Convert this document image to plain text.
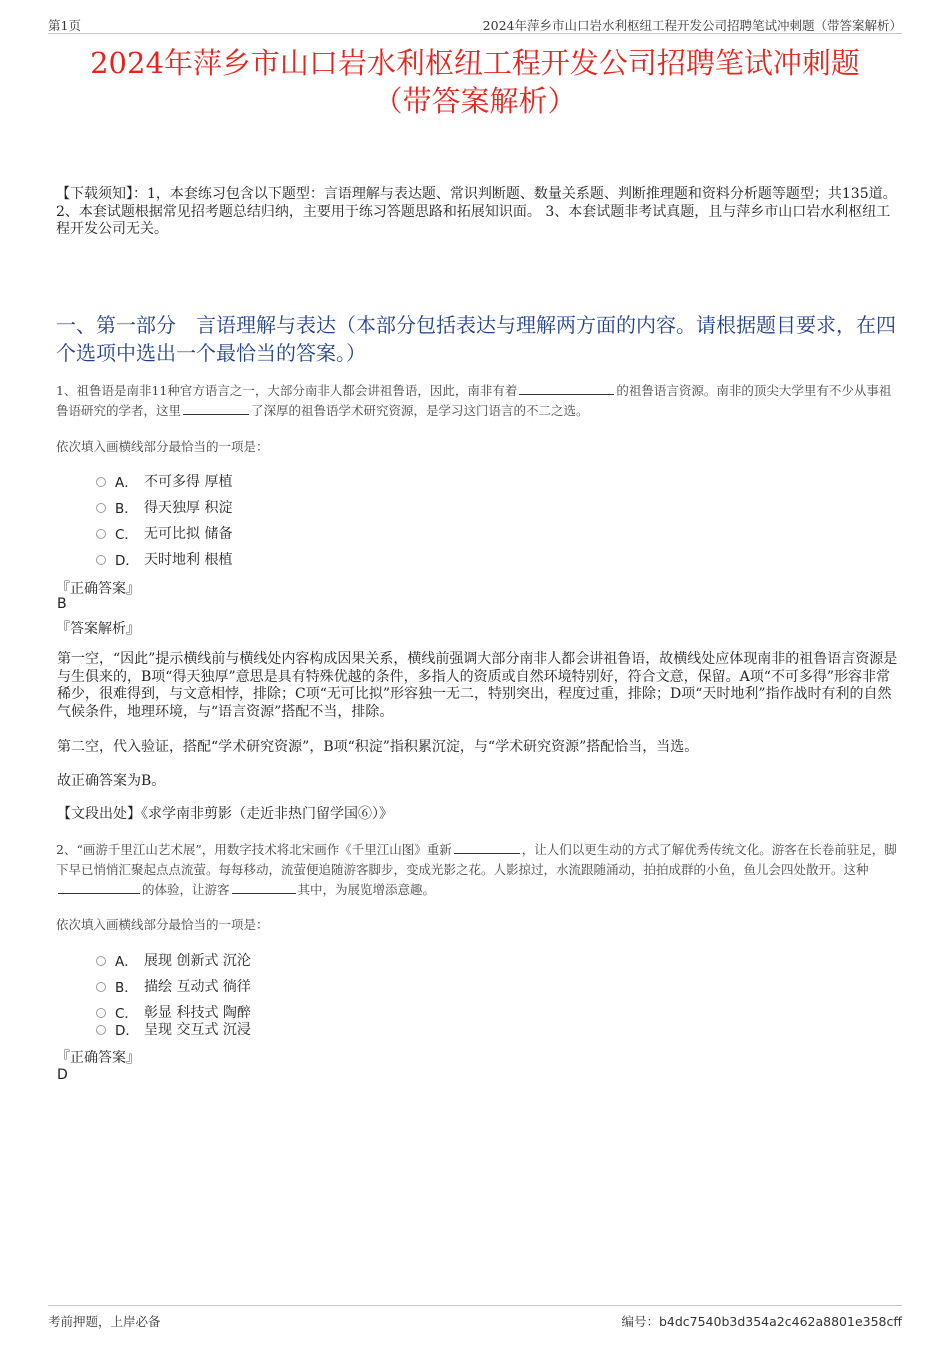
第1页	2024年萍乡市山口岩水利枢纽工程开发公司招聘笔试冲刺题（带答案解析）
2024年萍乡市山口岩水利枢纽工程开发公司招聘笔试冲刺题
（带答案解析）
【下载须知】：1，本套练习包含以下题型：言语理解与表达题、常识判断题、数量关系题、判断推理题和资料分析题等题型；共135道。 2、本套试题根据常见招考题总结归纳，主要用于练习答题思路和拓展知识面。 3、本套试题非考试真题，且与萍乡市山口岩水利枢纽工程开发公司无关。
一、第一部分　言语理解与表达（本部分包括表达与理解两方面的内容。请根据题目要求，在四个选项中选出一个最恰当的答案。）
1、祖鲁语是南非11种官方语言之一，大部分南非人都会讲祖鲁语，因此，南非有着	的祖鲁语言资源。南非的顶尖大学里有不少从事祖鲁语研究的学者，这里	了深厚的祖鲁语学术研究资源，是学习这门语言的不二之选。
依次填入画横线部分最恰当的一项是：
A． 不可多得 厚植
B． 得天独厚 积淀
C． 无可比拟 储备
D． 天时地利 根植
『正确答案』
B
『答案解析』
第一空，“因此”提示横线前与横线处内容构成因果关系，横线前强调大部分南非人都会讲祖鲁语，故横线处应体现南非的祖鲁语言资源是与生俱来的，B项“得天独厚”意思是具有特殊优越的条件，多指人的资质或自然环境特别好，符合文意，保留。A项“不可多得”形容非常稀少，很难得到，与文意相悖，排除；C项“无可比拟”形容独一无二，特别突出，程度过重，排除；D项“天时地利”指作战时有利的自然气候条件，地理环境，与“语言资源”搭配不当，排除。
第二空，代入验证，搭配“学术研究资源”，B项“积淀”指积累沉淀，与“学术研究资源”搭配恰当，当选。
故正确答案为B。
【文段出处】《求学南非剪影（走近非热门留学国⑥）》
2、“画游千里江山艺术展”，用数字技术将北宋画作《千里江山图》重新	，让人们以更生动的方式了解优秀传统文化。游客在长卷前驻足，脚下早已悄悄汇聚起点点流萤。每每移动，流萤便追随游客脚步，变成光影之花。人影掠过，水流跟随涌动，拍拍成群的小鱼，鱼儿会四处散开。这种的体验，让游客	其中，为展览增添意趣。
依次填入画横线部分最恰当的一项是：
A． 展现 创新式 沉沦
B． 描绘 互动式 徜徉
C． 彰显 科技式 陶醉
D． 呈现 交互式 沉浸
『正确答案』
D
考前押题，上岸必备	编号：b4dc7540b3d354a2c462a8801e358cff
